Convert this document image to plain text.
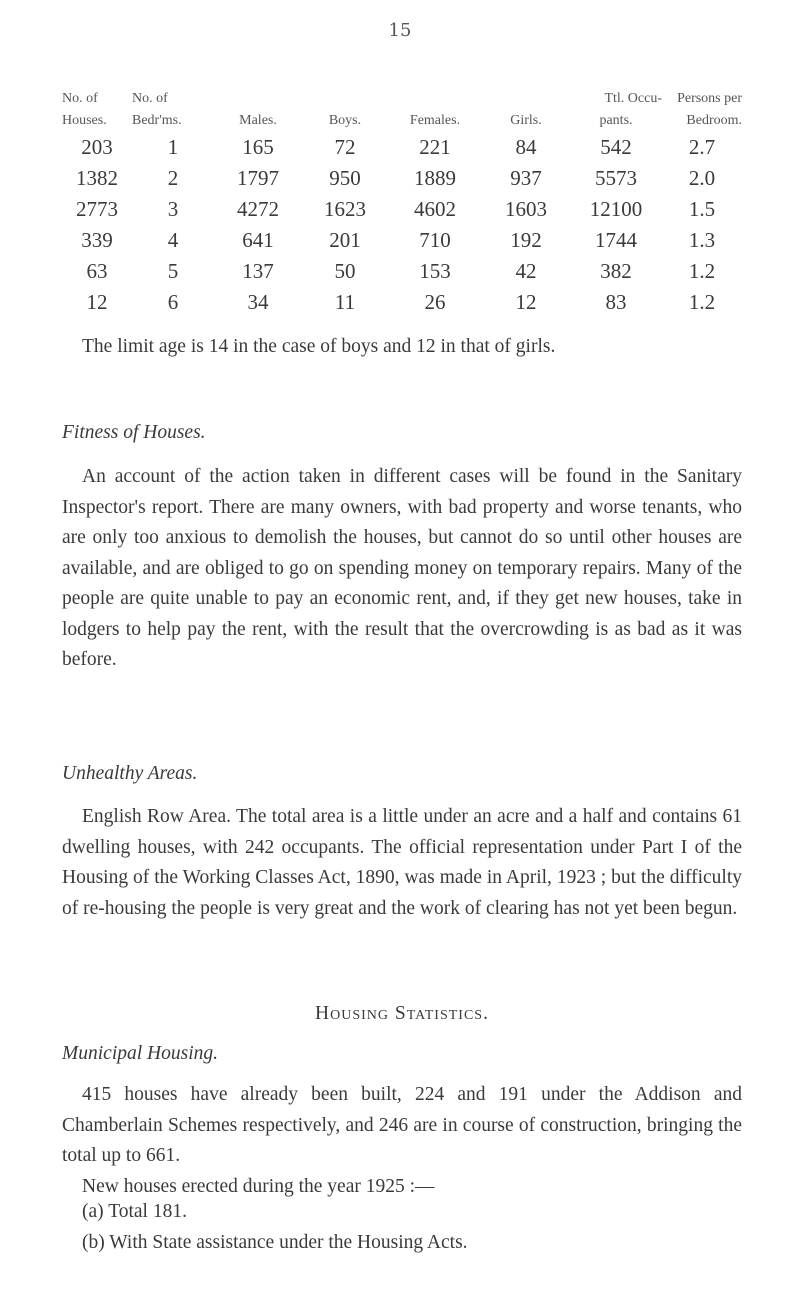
15
No. of	No. of					Ttl. Occu-	Persons per
Houses.	Bedr'ms.	Males.	Boys.	Females.	Girls.	pants.	Bedroom.
203	1	165	72	221	84	542	2.7
1382	2	1797	950	1889	937	5573	2.0
2773	3	4272	1623	4602	1603	12100	1.5
339	4	641	201	710	192	1744	1.3
63	5	137	50	153	42	382	1.2
12	6	34	11	26	12	83	1.2

The limit age is 14 in the case of boys and 12 in that of girls.

Fitness of Houses.

An account of the action taken in different cases will be found in the Sanitary Inspector's report. There are many owners, with bad property and worse tenants, who are only too anxious to demolish the houses, but cannot do so until other houses are available, and are obliged to go on spending money on temporary repairs. Many of the people are quite unable to pay an economic rent, and, if they get new houses, take in lodgers to help pay the rent, with the result that the overcrowding is as bad as it was before.

Unhealthy Areas.

English Row Area. The total area is a little under an acre and a half and contains 61 dwelling houses, with 242 occupants. The official representation under Part I of the Housing of the Working Classes Act, 1890, was made in April, 1923 ; but the difficulty of re-housing the people is very great and the work of clearing has not yet been begun.

Housing Statistics.
Municipal Housing.

415 houses have already been built, 224 and 191 under the Addison and Chamberlain Schemes respectively, and 246 are in course of construction, bringing the total up to 661.

New houses erected during the year 1925 :—

(a) Total 181.
(b) With State assistance under the Housing Acts.
